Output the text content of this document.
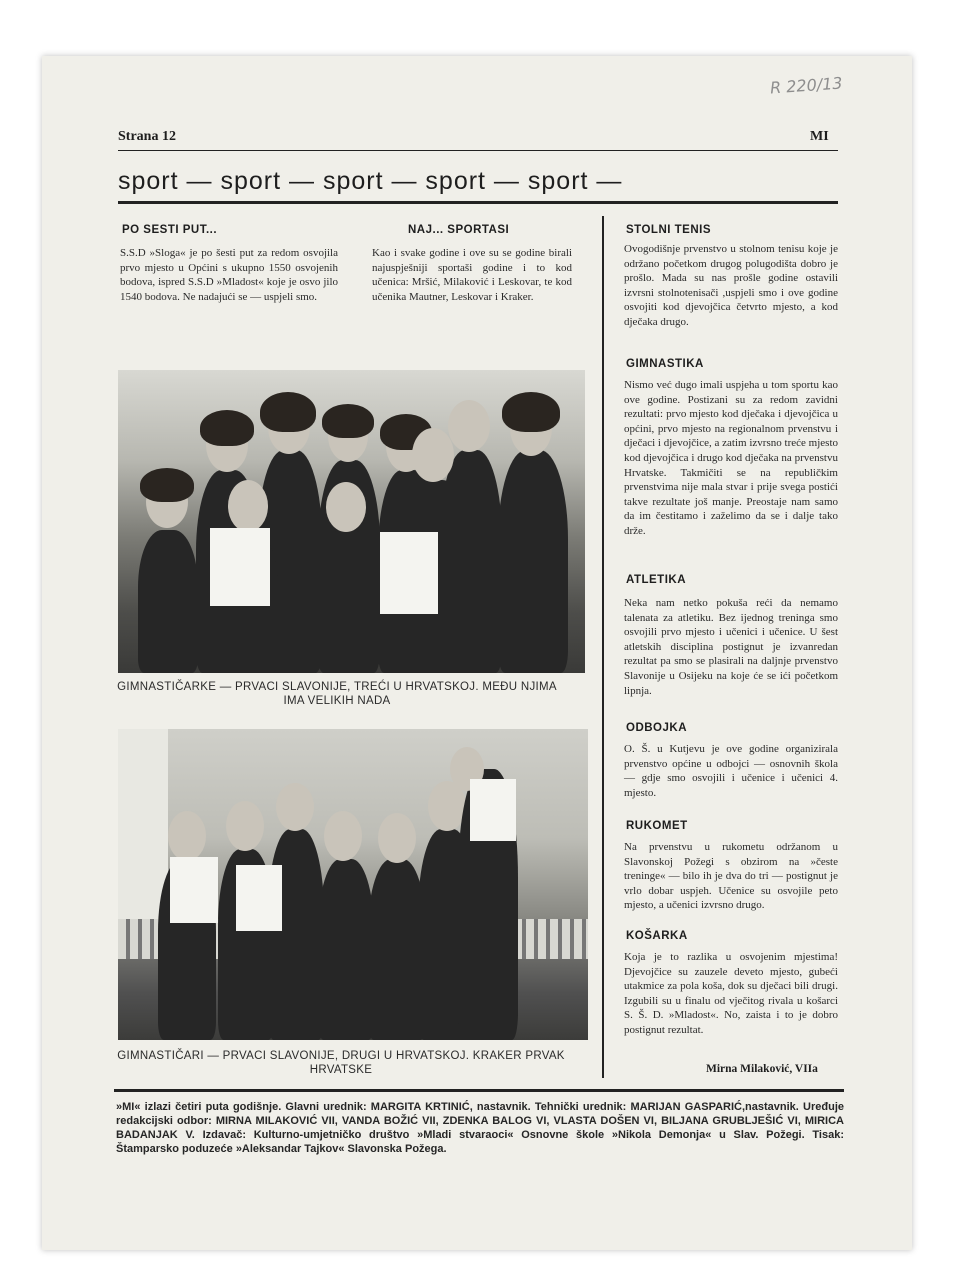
R 220/13
Strana 12	MI
sport — sport — sport — sport — sport —
PO SESTI PUT...
S.S.D »Sloga« je po šesti put za redom osvojila prvo mjesto u Općini s ukupno 1550 osvojenih bodova, ispred S.S.D »Mladost« koje je osvo jilo 1540 bodova. Ne nadajući se — uspjeli smo.
NAJ... SPORTASI
Kao i svake godine i ove su se godine birali najuspješniji sportaši godine i to kod učenica: Mršić, Milaković i Leskovar, te kod učenika Mautner, Leskovar i Kraker.
GIMNASTIČARKE — PRVACI SLAVONIJE, TREĆI U HRVATSKOJ. MEĐU NJIMA IMA VELIKIH NADA
GIMNASTIČARI — PRVACI SLAVONIJE, DRUGI U HRVATSKOJ. KRAKER PRVAK HRVATSKE
STOLNI TENIS
Ovogodišnje prvenstvo u stolnom tenisu koje je održano početkom drugog polugodišta dobro je prošlo. Mada su nas prošle godine ostavili izvrsni stolnotenisači ,uspjeli smo i ove godine osvojiti kod djevojčica četvrto mjesto, a kod dječaka drugo.
GIMNASTIKA
Nismo već dugo imali uspjeha u tom sportu kao ove godine. Postizani su za redom zavidni rezultati: prvo mjesto kod dječaka i djevojčica u općini, prvo mjesto na regionalnom prvenstvu i dječaci i djevojčice, a zatim izvrsno treće mjesto kod djevojčica i drugo kod dječaka na prvenstvu Hrvatske. Takmičiti se na republičkim prvenstvima nije mala stvar i prije svega postići takve rezultate još manje. Preostaje nam samo da im čestitamo i zaželimo da se i dalje tako drže.
ATLETIKA
Neka nam netko pokuša reći da nemamo talenata za atletiku. Bez ijednog treninga smo osvojili prvo mjesto i učenici i učenice. U šest atletskih disciplina postignut je izvanredan rezultat pa smo se plasirali na daljnje prvenstvo Slavonije u Osijeku na koje će se ići početkom lipnja.
ODBOJKA
O. Š. u Kutjevu je ove godine organizirala prvenstvo općine u odbojci — osnovnih škola — gdje smo osvojili i učenice i učenici 4. mjesto.
RUKOMET
Na prvenstvu u rukometu održanom u Slavonskoj Požegi s obzirom na »česte treninge« — bilo ih je dva do tri — postignut je vrlo dobar uspjeh. Učenice su osvojile peto mjesto, a učenici izvrsno drugo.
KOŠARKA
Koja je to razlika u osvojenim mjestima! Djevojčice su zauzele deveto mjesto, gubeći utakmice za pola koša, dok su dječaci bili drugi. Izgubili su u finalu od vječitog rivala u košarci S. Š. D. »Mladost«. No, zaista i to je dobro postignut rezultat.
Mirna Milaković, VIIa
»MI« izlazi četiri puta godišnje. Glavni urednik: MARGITA KRTINIĆ, nastavnik. Tehnički urednik: MARIJAN GASPARIĆ,nastavnik. Uređuje redakcijski odbor: MIRNA MILAKOVIĆ VII, VANDA BOŽIĆ VII, ZDENKA BALOG VI, VLASTA DOŠEN VI, BILJANA GRUBLJEŠIĆ VI, MIRICA BADANJAK V. Izdavač: Kulturno-umjetničko društvo »Mladi stvaraoci« Osnovne škole »Nikola Demonja« u Slav. Požegi. Tisak: Štamparsko poduzeće »Aleksandar Tajkov« Slavonska Požega.
